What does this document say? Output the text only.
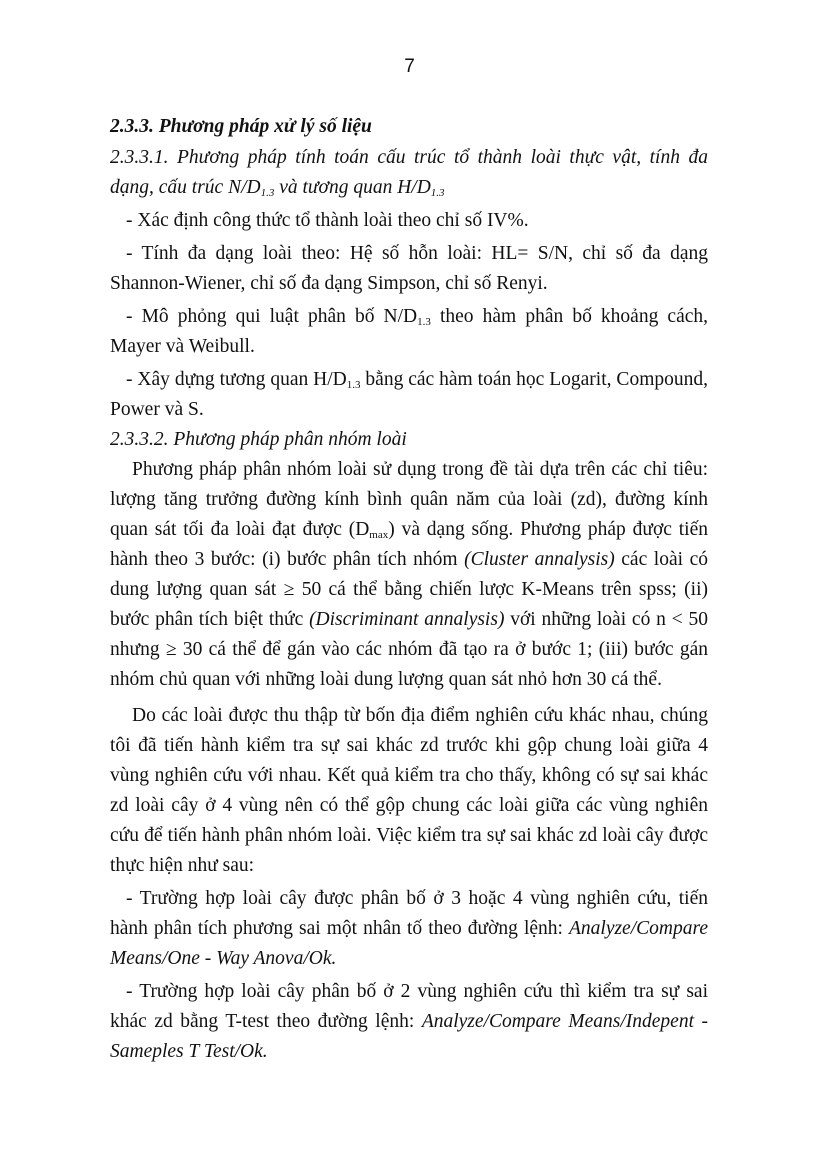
7

2.3.3. Phương pháp xử lý số liệu

2.3.3.1. Phương pháp tính toán cấu trúc tổ thành loài thực vật, tính đa dạng, cấu trúc $N/D_{1.3}$ và tương quan $H/D_{1.3}$

- Xác định công thức tổ thành loài theo chỉ số IV%.

- Tính đa dạng loài theo: Hệ số hỗn loài: HL= S/N, chỉ số đa dạng Shannon-Wiener, chỉ số đa dạng Simpson, chỉ số Renyi.

- Mô phỏng qui luật phân bố $N/D_{1.3}$ theo hàm phân bố khoảng cách, Mayer và Weibull.

- Xây dựng tương quan $H/D_{1.3}$ bằng các hàm toán học Logarit, Compound, Power và S.

2.3.3.2. Phương pháp phân nhóm loài

Phương pháp phân nhóm loài sử dụng trong đề tài dựa trên các chỉ tiêu: lượng tăng trưởng đường kính bình quân năm của loài (zd), đường kính quan sát tối đa loài đạt được $(D_{max})$ và dạng sống. Phương pháp được tiến hành theo 3 bước: (i) bước phân tích nhóm (Cluster annalysis) các loài có dung lượng quan sát ≥ 50 cá thể bằng chiến lược K-Means trên spss; (ii) bước phân tích biệt thức (Discriminant annalysis) với những loài có n < 50 nhưng ≥ 30 cá thể để gán vào các nhóm đã tạo ra ở bước 1; (iii) bước gán nhóm chủ quan với những loài dung lượng quan sát nhỏ hơn 30 cá thể.

Do các loài được thu thập từ bốn địa điểm nghiên cứu khác nhau, chúng tôi đã tiến hành kiểm tra sự sai khác zd trước khi gộp chung loài giữa 4 vùng nghiên cứu với nhau. Kết quả kiểm tra cho thấy, không có sự sai khác zd loài cây ở 4 vùng nên có thể gộp chung các loài giữa các vùng nghiên cứu để tiến hành phân nhóm loài. Việc kiểm tra sự sai khác zd loài cây được thực hiện như sau:

- Trường hợp loài cây được phân bố ở 3 hoặc 4 vùng nghiên cứu, tiến hành phân tích phương sai một nhân tố theo đường lệnh: Analyze/Compare Means/One - Way Anova/Ok.

- Trường hợp loài cây phân bố ở 2 vùng nghiên cứu thì kiểm tra sự sai khác zd bằng T-test theo đường lệnh: Analyze/Compare Means/Indepent - Sameples T Test/Ok.
